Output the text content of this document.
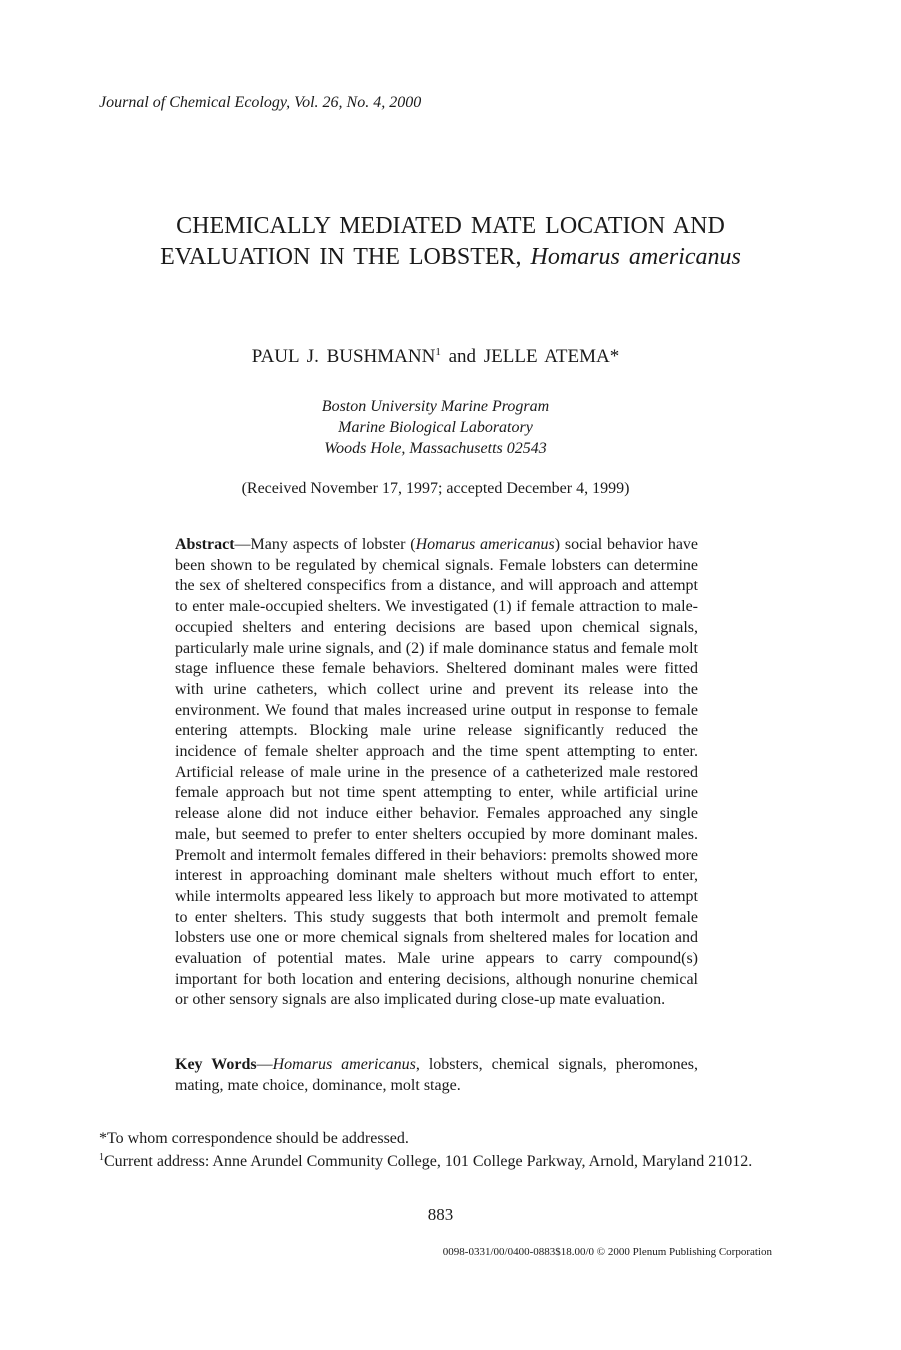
Journal of Chemical Ecology, Vol. 26, No. 4, 2000
CHEMICALLY MEDIATED MATE LOCATION AND
EVALUATION IN THE LOBSTER, Homarus americanus
PAUL J. BUSHMANN$^1$ and JELLE ATEMA*
Boston University Marine Program
Marine Biological Laboratory
Woods Hole, Massachusetts 02543
(Received November 17, 1997; accepted December 4, 1999)
Abstract—Many aspects of lobster (Homarus americanus) social behavior have been shown to be regulated by chemical signals. Female lobsters can determine the sex of sheltered conspecifics from a distance, and will approach and attempt to enter male-occupied shelters. We investigated (1) if female attraction to male-occupied shelters and entering decisions are based upon chemical signals, particularly male urine signals, and (2) if male dominance status and female molt stage influence these female behaviors. Sheltered dominant males were fitted with urine catheters, which collect urine and prevent its release into the environment. We found that males increased urine output in response to female entering attempts. Blocking male urine release significantly reduced the incidence of female shelter approach and the time spent attempting to enter. Artificial release of male urine in the presence of a catheterized male restored female approach but not time spent attempting to enter, while artificial urine release alone did not induce either behavior. Females approached any single male, but seemed to prefer to enter shelters occupied by more dominant males. Premolt and intermolt females differed in their behaviors: premolts showed more interest in approaching dominant male shelters without much effort to enter, while intermolts appeared less likely to approach but more motivated to attempt to enter shelters. This study suggests that both intermolt and premolt female lobsters use one or more chemical signals from sheltered males for location and evaluation of potential mates. Male urine appears to carry compound(s) important for both location and entering decisions, although nonurine chemical or other sensory signals are also implicated during close-up mate evaluation.
Key Words—Homarus americanus, lobsters, chemical signals, pheromones, mating, mate choice, dominance, molt stage.
*To whom correspondence should be addressed.
$^1$Current address: Anne Arundel Community College, 101 College Parkway, Arnold, Maryland 21012.
883
0098-0331/00/0400-0883$18.00/0 © 2000 Plenum Publishing Corporation
